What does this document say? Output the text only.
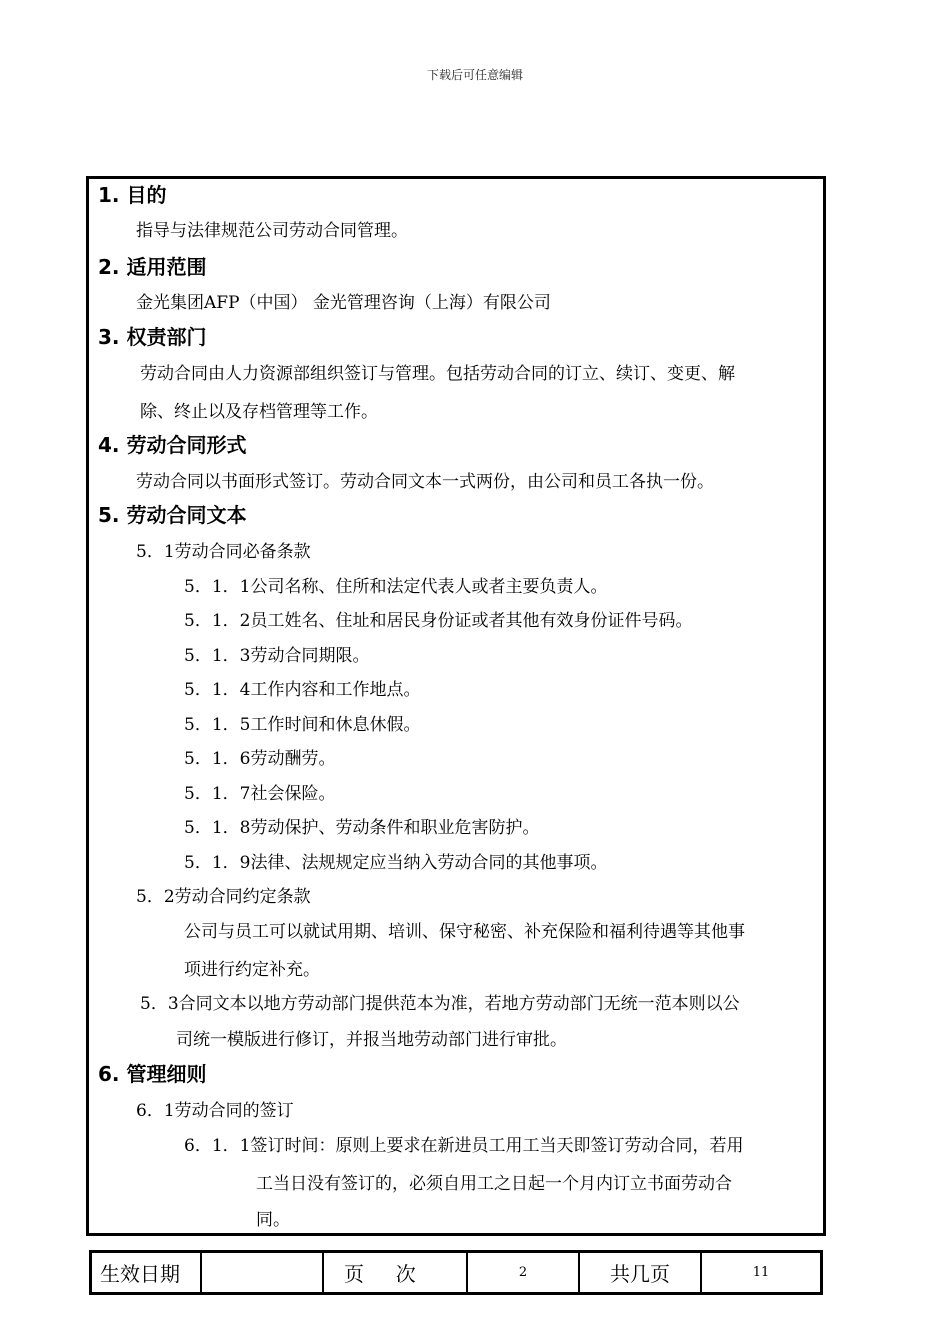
下载后可任意编辑
1. 目的
指导与法律规范公司劳动合同管理。
2. 适用范围
金光集团AFP（中国） 金光管理咨询（上海）有限公司
3. 权责部门
劳动合同由人力资源部组织签订与管理。包括劳动合同的订立、续订、变更、解
除、终止以及存档管理等工作。
4. 劳动合同形式
劳动合同以书面形式签订。劳动合同文本一式两份，由公司和员工各执一份。
5. 劳动合同文本
5．1劳动合同必备条款
5．1．1公司名称、住所和法定代表人或者主要负责人。
5．1．2员工姓名、住址和居民身份证或者其他有效身份证件号码。
5．1．3劳动合同期限。
5．1．4工作内容和工作地点。
5．1．5工作时间和休息休假。
5．1．6劳动酬劳。
5．1．7社会保险。
5．1．8劳动保护、劳动条件和职业危害防护。
5．1．9法律、法规规定应当纳入劳动合同的其他事项。
5．2劳动合同约定条款
公司与员工可以就试用期、培训、保守秘密、补充保险和福利待遇等其他事
项进行约定补充。
5．3合同文本以地方劳动部门提供范本为准，若地方劳动部门无统一范本则以公
司统一模版进行修订，并报当地劳动部门进行审批。
6. 管理细则
6．1劳动合同的签订
6．1．1签订时间：原则上要求在新进员工用工当天即签订劳动合同，若用
工当日没有签订的，必须自用工之日起一个月内订立书面劳动合
同。
生效日期		页     次	2	共几页	11
